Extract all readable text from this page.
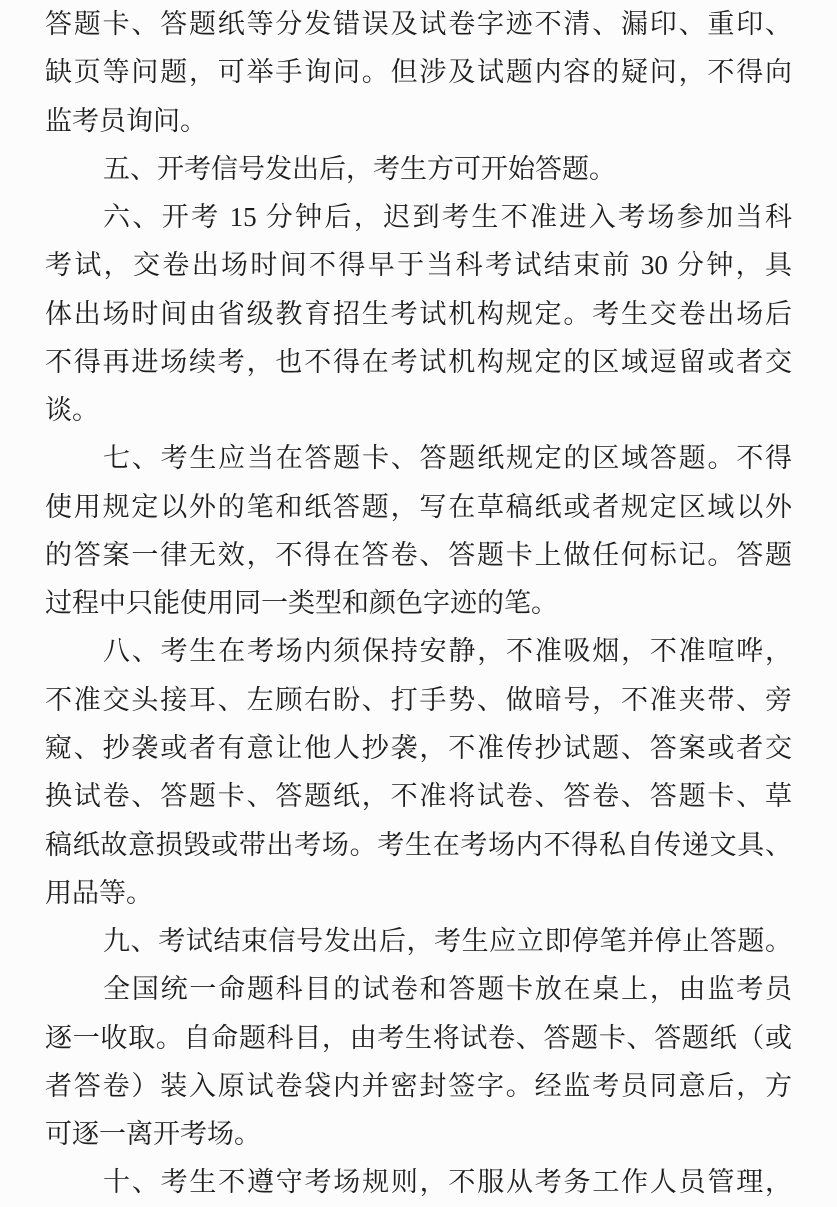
答题卡、答题纸等分发错误及试卷字迹不清、漏印、重印、
缺页等问题，可举手询问。但涉及试题内容的疑问，不得向
监考员询问。
五、开考信号发出后，考生方可开始答题。
六、开考 15 分钟后，迟到考生不准进入考场参加当科
考试，交卷出场时间不得早于当科考试结束前 30 分钟，具
体出场时间由省级教育招生考试机构规定。考生交卷出场后
不得再进场续考，也不得在考试机构规定的区域逗留或者交
谈。
七、考生应当在答题卡、答题纸规定的区域答题。不得
使用规定以外的笔和纸答题，写在草稿纸或者规定区域以外
的答案一律无效，不得在答卷、答题卡上做任何标记。答题
过程中只能使用同一类型和颜色字迹的笔。
八、考生在考场内须保持安静，不准吸烟，不准喧哗，
不准交头接耳、左顾右盼、打手势、做暗号，不准夹带、旁
窥、抄袭或者有意让他人抄袭，不准传抄试题、答案或者交
换试卷、答题卡、答题纸，不准将试卷、答卷、答题卡、草
稿纸故意损毁或带出考场。考生在考场内不得私自传递文具、
用品等。
九、考试结束信号发出后，考生应立即停笔并停止答题。
全国统一命题科目的试卷和答题卡放在桌上，由监考员
逐一收取。自命题科目，由考生将试卷、答题卡、答题纸（或
者答卷）装入原试卷袋内并密封签字。经监考员同意后，方
可逐一离开考场。
十、考生不遵守考场规则，不服从考务工作人员管理，
